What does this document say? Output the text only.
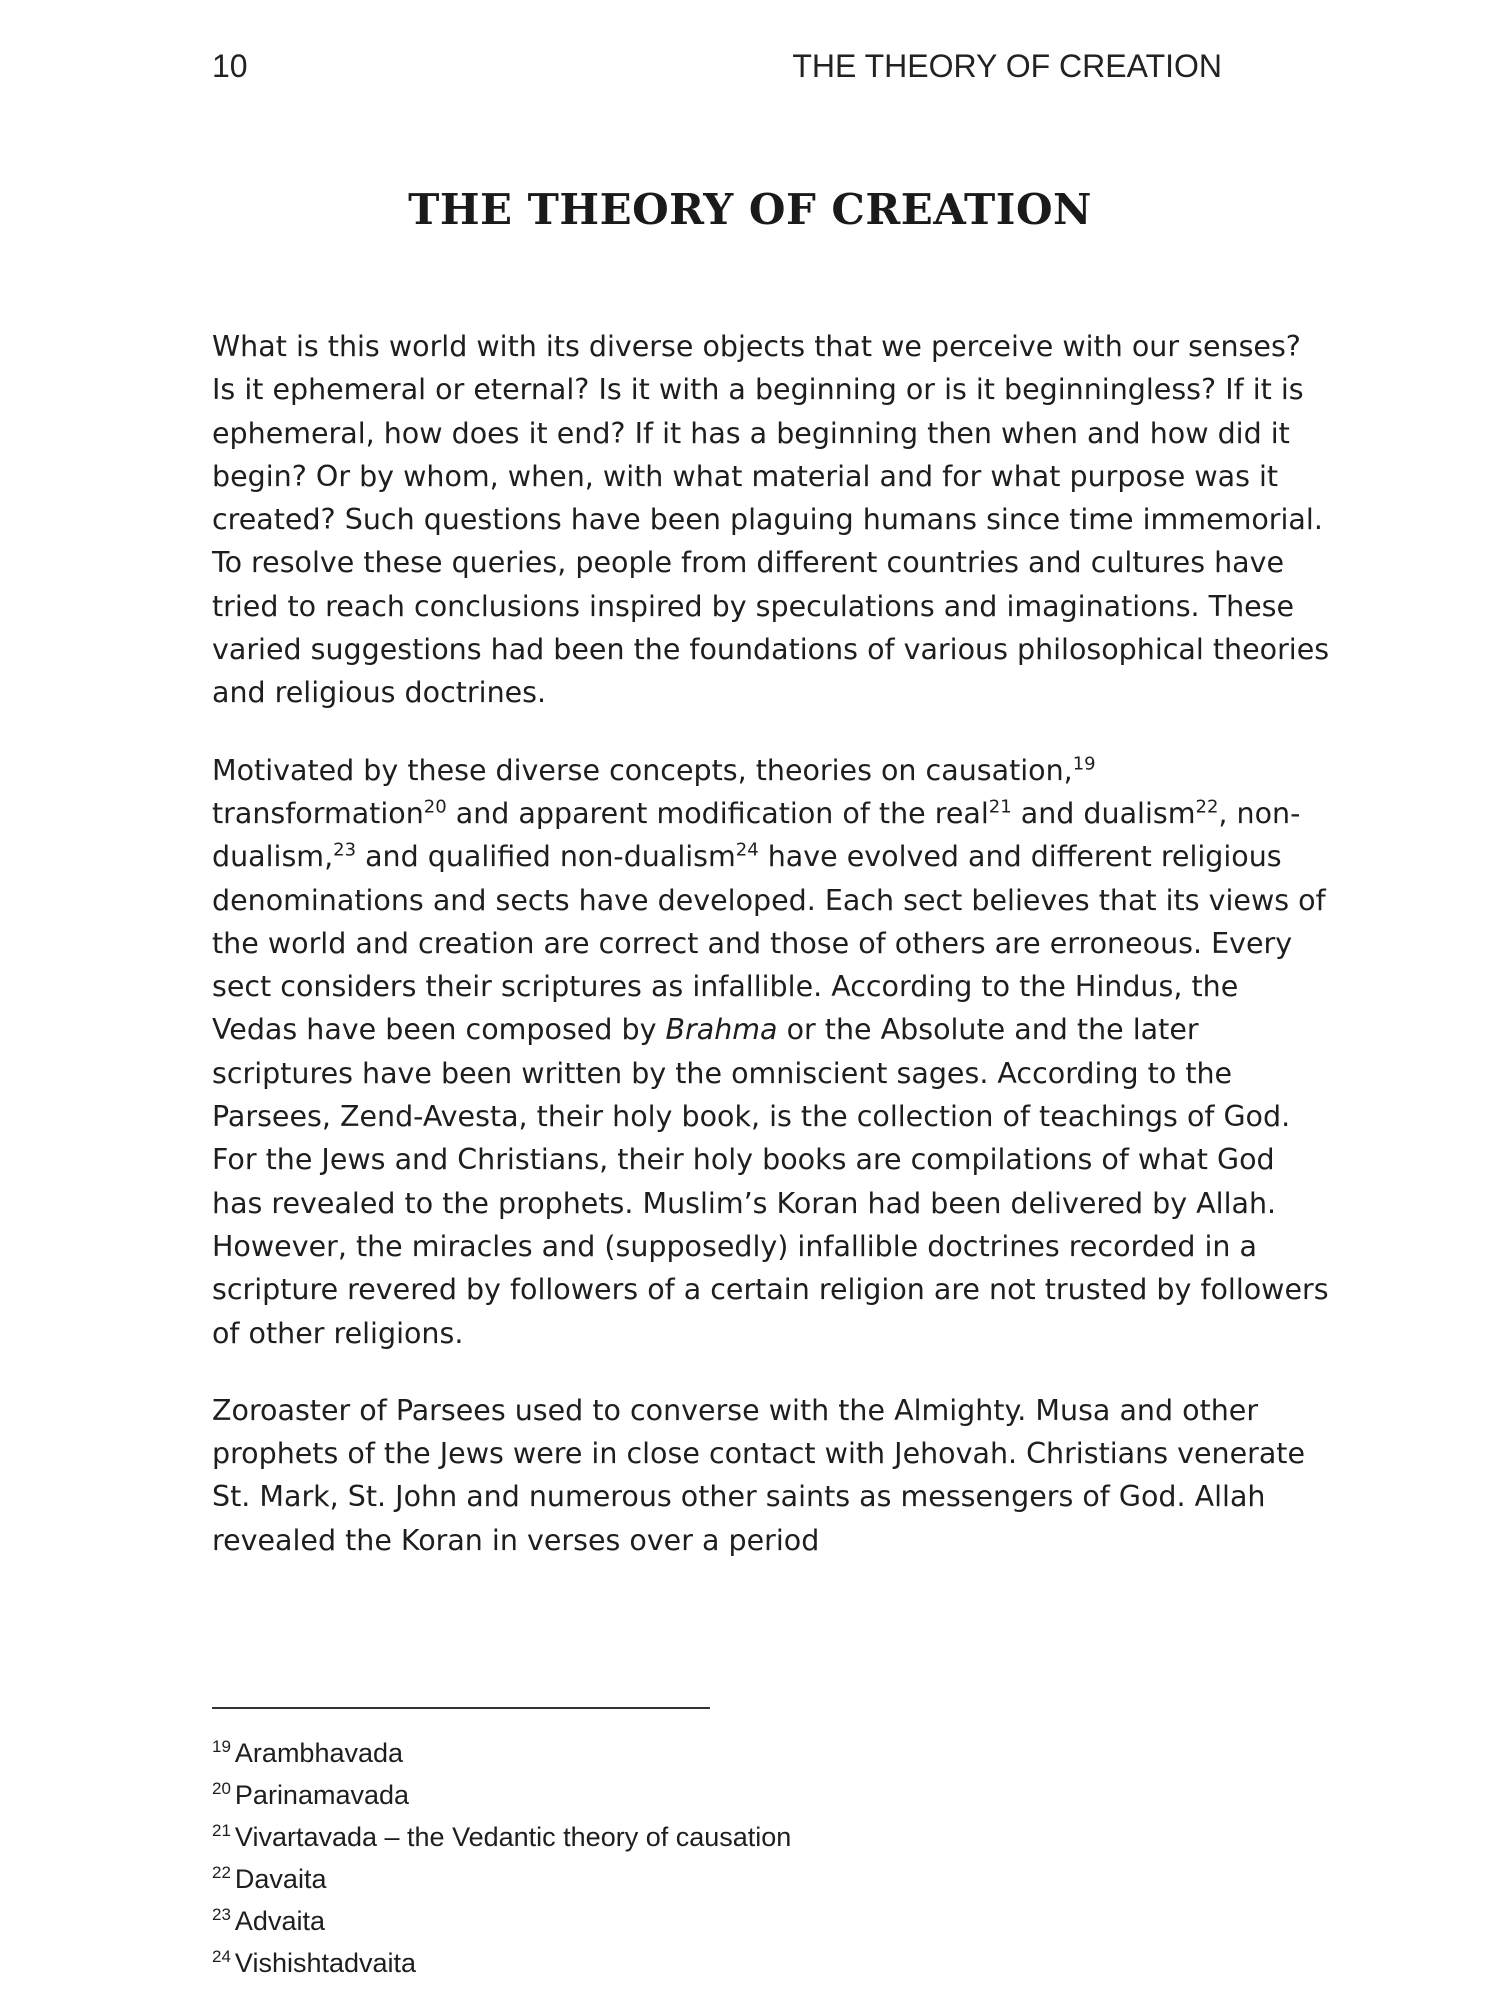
10	THE THEORY OF CREATION
THE THEORY OF CREATION

What is this world with its diverse objects that we perceive with our senses? Is it ephemeral or eternal? Is it with a beginning or is it beginningless? If it is ephemeral, how does it end? If it has a beginning then when and how did it begin? Or by whom, when, with what material and for what purpose was it created? Such questions have been plaguing humans since time immemorial. To resolve these queries, people from different countries and cultures have tried to reach conclusions inspired by speculations and imaginations. These varied suggestions had been the foundations of various philosophical theories and religious doctrines.

Motivated by these diverse concepts, theories on causation,$^{19}$ transformation$^{20}$ and apparent modification of the real$^{21}$ and dualism$^{22}$, non-dualism,$^{23}$ and qualified non-dualism$^{24}$ have evolved and different religious denominations and sects have developed. Each sect believes that its views of the world and creation are correct and those of others are erroneous. Every sect considers their scriptures as infallible. According to the Hindus, the Vedas have been composed by Brahma or the Absolute and the later scriptures have been written by the omniscient sages. According to the Parsees, Zend-Avesta, their holy book, is the collection of teachings of God. For the Jews and Christians, their holy books are compilations of what God has revealed to the prophets. Muslim’s Koran had been delivered by Allah. However, the miracles and (supposedly) infallible doctrines recorded in a scripture revered by followers of a certain religion are not trusted by followers of other religions.

Zoroaster of Parsees used to converse with the Almighty. Musa and other prophets of the Jews were in close contact with Jehovah. Christians venerate St. Mark, St. John and numerous other saints as messengers of God. Allah revealed the Koran in verses over a period

$^{19}$ Arambhavada
$^{20}$ Parinamavada
$^{21}$ Vivartavada – the Vedantic theory of causation
$^{22}$ Davaita
$^{23}$ Advaita
$^{24}$ Vishishtadvaita
